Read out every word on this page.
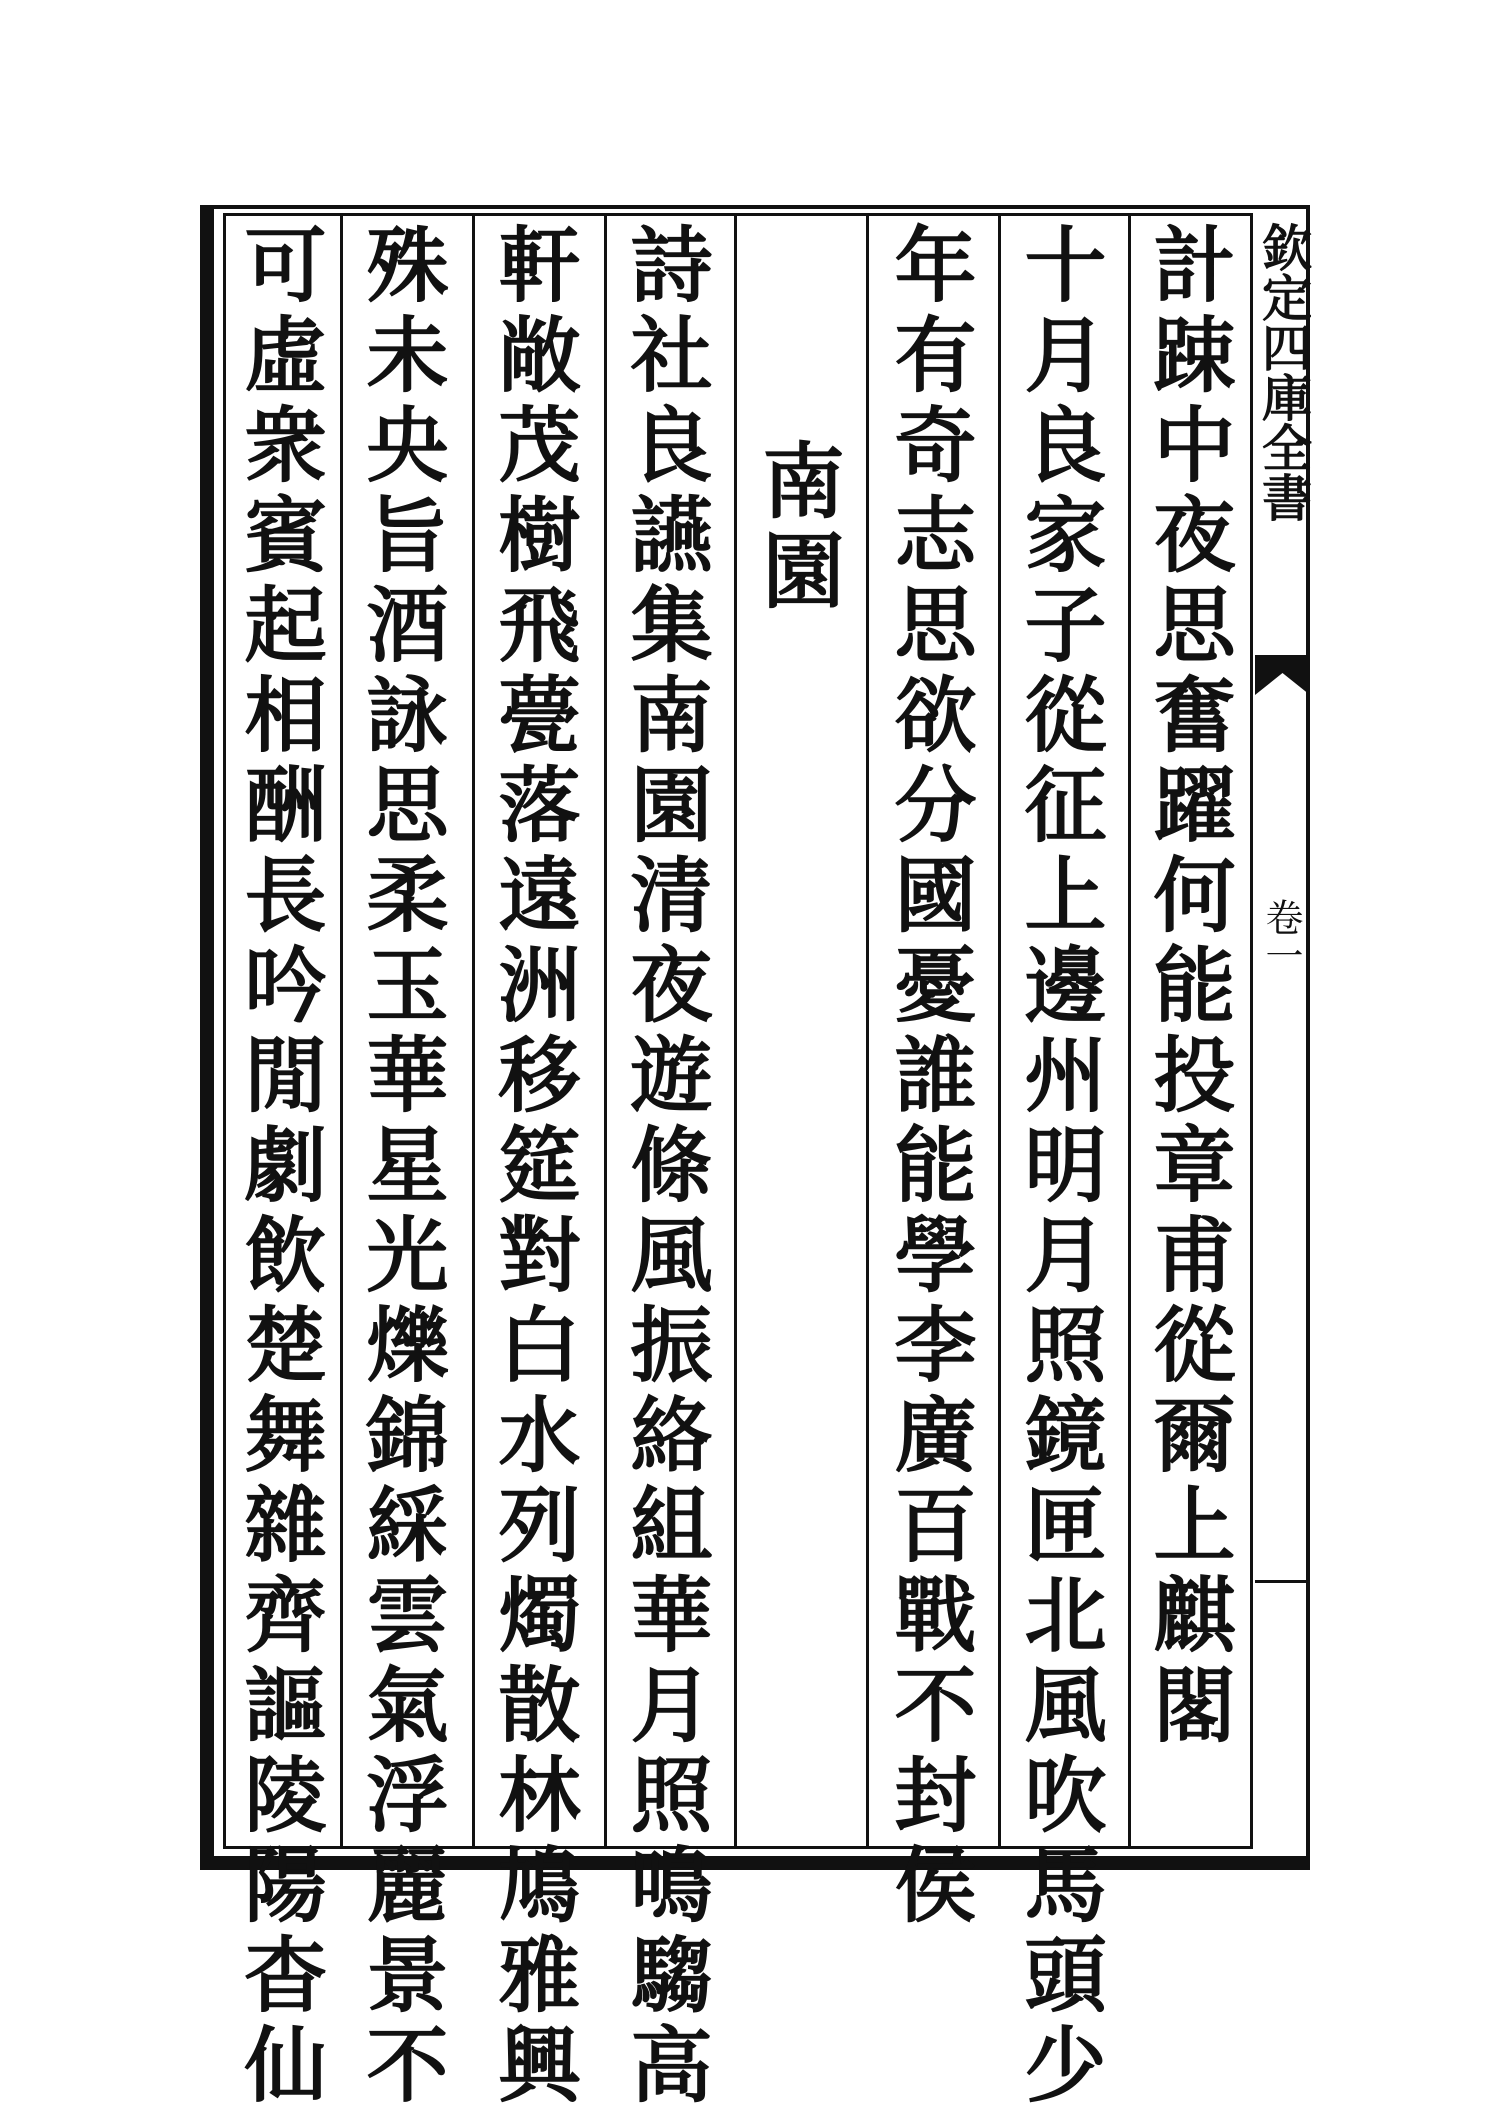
欽定四庫全書
卷一
計踈中夜思奮躍何能投章甫從爾上麒閣
十月良家子從征上邊州明月照鏡匣北風吹馬頭少
年有奇志思欲分國憂誰能學李廣百戰不封侯
南園
詩社良讌集南園清夜遊條風振絡組華月照鳴騶高
軒敞茂樹飛甍落遠洲移筵對白水列燭散林鳩雅興
殊未央旨酒詠思柔玉華星光爍錦綵雲氣浮麗景不
可虛衆賓起相酬長吟閒劇飲楚舞雜齊謳陵陽杳仙
